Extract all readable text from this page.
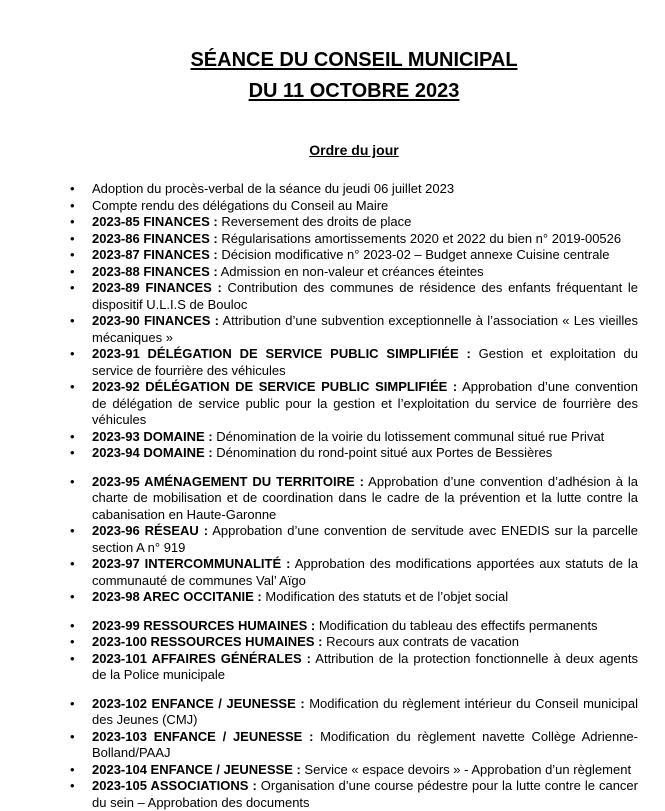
SÉANCE DU CONSEIL MUNICIPAL
DU 11 OCTOBRE 2023
Ordre du jour
• Adoption du procès-verbal de la séance du jeudi 06 juillet 2023
• Compte rendu des délégations du Conseil au Maire
• 2023-85 FINANCES : Reversement des droits de place
• 2023-86 FINANCES : Régularisations amortissements 2020 et 2022 du bien n° 2019-00526
• 2023-87 FINANCES : Décision modificative n° 2023-02 – Budget annexe Cuisine centrale
• 2023-88 FINANCES : Admission en non-valeur et créances éteintes
• 2023-89 FINANCES : Contribution des communes de résidence des enfants fréquentant le dispositif U.L.I.S de Bouloc
• 2023-90 FINANCES : Attribution d’une subvention exceptionnelle à l’association « Les vieilles mécaniques »
• 2023-91 DÉLÉGATION DE SERVICE PUBLIC SIMPLIFIÉE : Gestion et exploitation du service de fourrière des véhicules
• 2023-92 DÉLÉGATION DE SERVICE PUBLIC SIMPLIFIÉE : Approbation d’une convention de délégation de service public pour la gestion et l’exploitation du service de fourrière des véhicules
• 2023-93 DOMAINE : Dénomination de la voirie du lotissement communal situé rue Privat
• 2023-94 DOMAINE : Dénomination du rond-point situé aux Portes de Bessières
• 2023-95 AMÉNAGEMENT DU TERRITOIRE : Approbation d’une convention d’adhésion à la charte de mobilisation et de coordination dans le cadre de la prévention et la lutte contre la cabanisation en Haute-Garonne
• 2023-96 RÉSEAU : Approbation d’une convention de servitude avec ENEDIS sur la parcelle section A n° 919
• 2023-97 INTERCOMMUNALITÉ : Approbation des modifications apportées aux statuts de la communauté de communes Val’ Aïgo
• 2023-98 AREC OCCITANIE : Modification des statuts et de l’objet social
• 2023-99 RESSOURCES HUMAINES : Modification du tableau des effectifs permanents
• 2023-100 RESSOURCES HUMAINES : Recours aux contrats de vacation
• 2023-101 AFFAIRES GÉNÉRALES : Attribution de la protection fonctionnelle à deux agents de la Police municipale
• 2023-102 ENFANCE / JEUNESSE : Modification du règlement intérieur du Conseil municipal des Jeunes (CMJ)
• 2023-103 ENFANCE / JEUNESSE : Modification du règlement navette Collège Adrienne-Bolland/PAAJ
• 2023-104 ENFANCE / JEUNESSE : Service « espace devoirs » - Approbation d’un règlement
• 2023-105 ASSOCIATIONS : Organisation d’une course pédestre pour la lutte contre le cancer du sein – Approbation des documents
